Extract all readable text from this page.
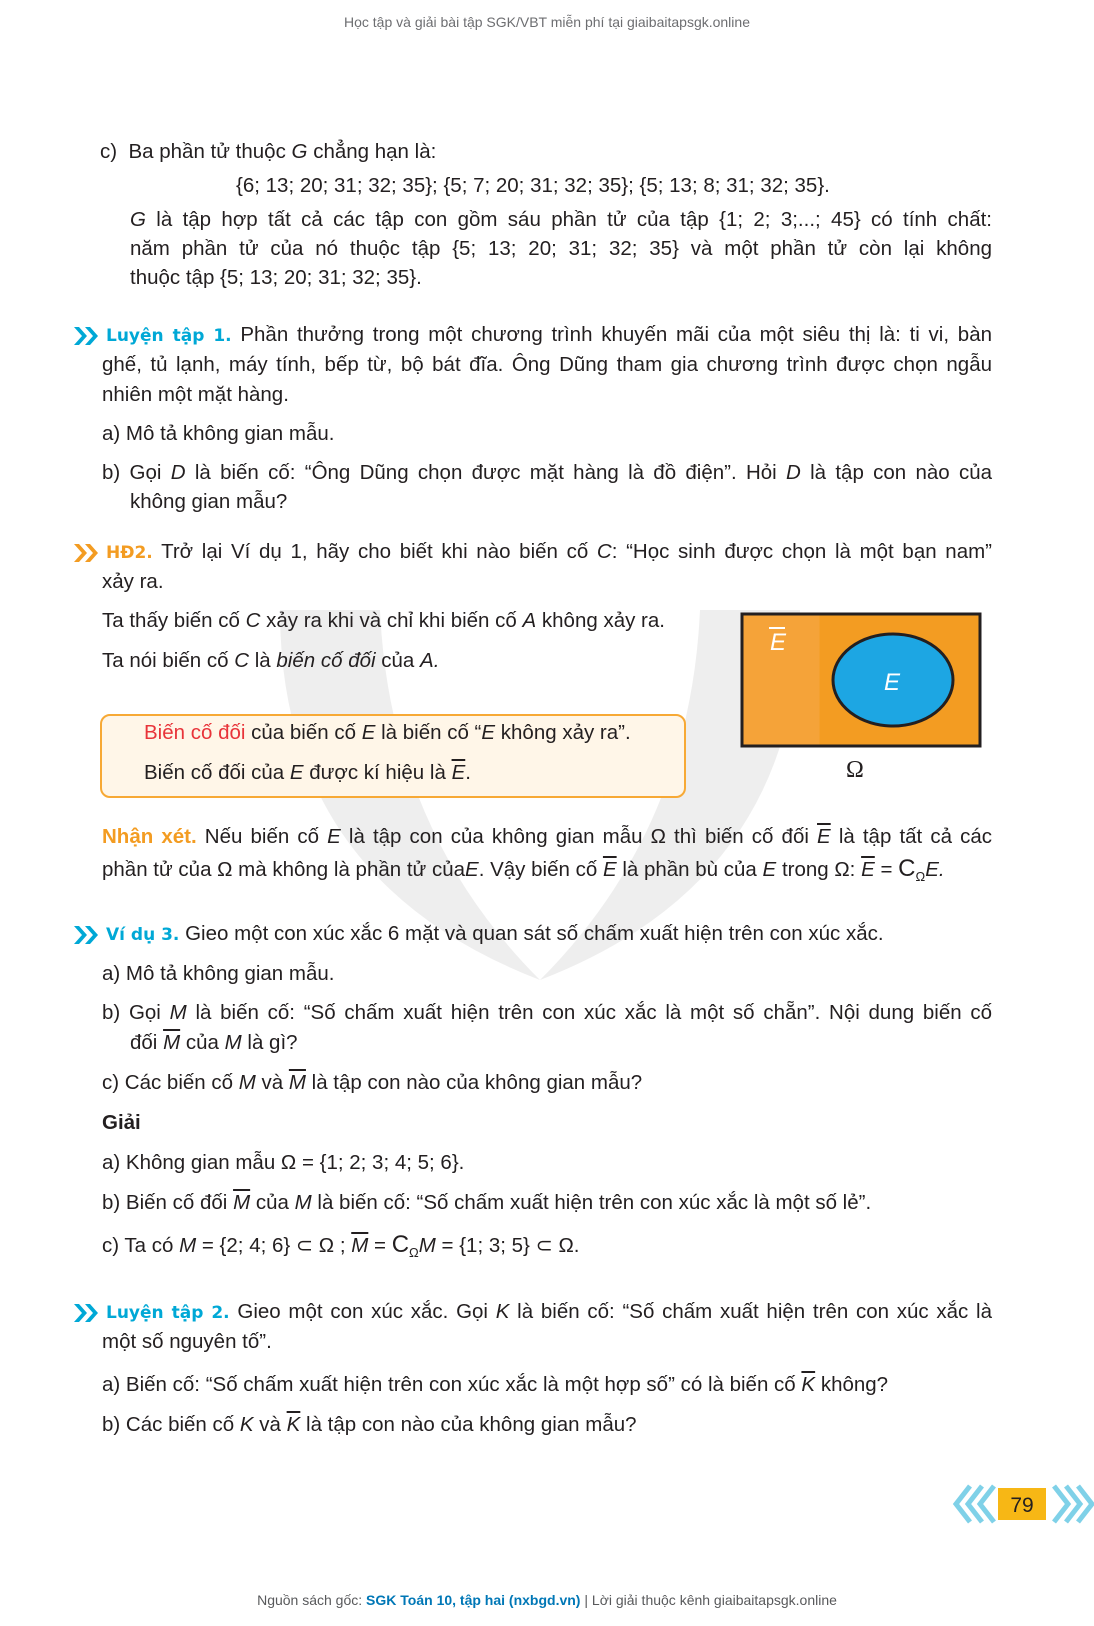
Học tập và giải bài tập SGK/VBT miễn phí tại giaibaitapsgk.online
c) Ba phần tử thuộc G chẳng hạn là:
{6; 13; 20; 31; 32; 35}; {5; 7; 20; 31; 32; 35}; {5; 13; 8; 31; 32; 35}.
G là tập hợp tất cả các tập con gồm sáu phần tử của tập {1; 2; 3;...; 45} có tính chất:
năm phần tử của nó thuộc tập {5; 13; 20; 31; 32; 35} và một phần tử còn lại không
thuộc tập {5; 13; 20; 31; 32; 35}.
Luyện tập 1. Phần thưởng trong một chương trình khuyến mãi của một siêu thị là: ti vi, bàn
ghế, tủ lạnh, máy tính, bếp từ, bộ bát đĩa. Ông Dũng tham gia chương trình được chọn ngẫu
nhiên một mặt hàng.
a) Mô tả không gian mẫu.
b) Gọi D là biến cố: “Ông Dũng chọn được mặt hàng là đồ điện”. Hỏi D là tập con nào của
không gian mẫu?
HĐ2. Trở lại Ví dụ 1, hãy cho biết khi nào biến cố C: “Học sinh được chọn là một bạn nam”
xảy ra.
Ta thấy biến cố C xảy ra khi và chỉ khi biến cố A không xảy ra.
Ta nói biến cố C là biến cố đối của A.
Biến cố đối của biến cố E là biến cố “E không xảy ra”.
Biến cố đối của E được kí hiệu là $\overline{E}$.
E
E
Ω
Nhận xét. Nếu biến cố E là tập con của không gian mẫu Ω thì biến cố đối $\overline{E}$ là tập tất cả các
phần tử của Ω mà không là phần tử củaE. Vậy biến cố $\overline{E}$ là phần bù của E trong Ω: $\overline{E} = C_\Omega E$.
Ví dụ 3. Gieo một con xúc xắc 6 mặt và quan sát số chấm xuất hiện trên con xúc xắc.
a) Mô tả không gian mẫu.
b) Gọi M là biến cố: “Số chấm xuất hiện trên con xúc xắc là một số chẵn”. Nội dung biến cố
đối $\overline{M}$ của M là gì?
c) Các biến cố M và $\overline{M}$ là tập con nào của không gian mẫu?
Giải
a) Không gian mẫu Ω = {1; 2; 3; 4; 5; 6}.
b) Biến cố đối $\overline{M}$ của M là biến cố: “Số chấm xuất hiện trên con xúc xắc là một số lẻ”.
c) Ta có M = {2; 4; 6} ⊂ Ω ; $\overline{M} = C_\Omega M = \{1$; 3; 5} ⊂ Ω.
Luyện tập 2. Gieo một con xúc xắc. Gọi K là biến cố: “Số chấm xuất hiện trên con xúc xắc là
một số nguyên tố”.
a) Biến cố: “Số chấm xuất hiện trên con xúc xắc là một hợp số” có là biến cố $\overline{K}$ không?
b) Các biến cố K và $\overline{K}$ là tập con nào của không gian mẫu?
79
Nguồn sách gốc: SGK Toán 10, tập hai (nxbgd.vn) | Lời giải thuộc kênh giaibaitapsgk.online
